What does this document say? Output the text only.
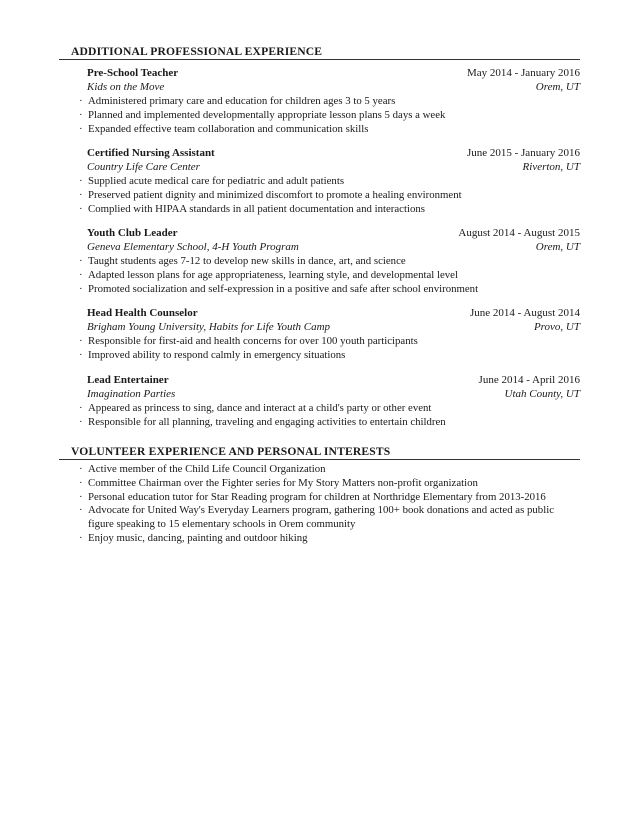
ADDITIONAL PROFESSIONAL EXPERIENCE
Pre-School Teacher	May 2014 - January 2016
Kids on the Move	Orem, UT
· Administered primary care and education for children ages 3 to 5 years
· Planned and implemented developmentally appropriate lesson plans 5 days a week
· Expanded effective team collaboration and communication skills
Certified Nursing Assistant	June 2015 - January 2016
Country Life Care Center	Riverton, UT
· Supplied acute medical care for pediatric and adult patients
· Preserved patient dignity and minimized discomfort to promote a healing environment
· Complied with HIPAA standards in all patient documentation and interactions
Youth Club Leader	August 2014 - August 2015
Geneva Elementary School, 4-H Youth Program	Orem, UT
· Taught students ages 7-12 to develop new skills in dance, art, and science
· Adapted lesson plans for age appropriateness, learning style, and developmental level
· Promoted socialization and self-expression in a positive and safe after school environment
Head Health Counselor	June 2014 - August 2014
Brigham Young University, Habits for Life Youth Camp	Provo, UT
· Responsible for first-aid and health concerns for over 100 youth participants
· Improved ability to respond calmly in emergency situations
Lead Entertainer	June 2014 - April 2016
Imagination Parties	Utah County, UT
· Appeared as princess to sing, dance and interact at a child's party or other event
· Responsible for all planning, traveling and engaging activities to entertain children
VOLUNTEER EXPERIENCE AND PERSONAL INTERESTS
· Active member of the Child Life Council Organization
· Committee Chairman over the Fighter series for My Story Matters non-profit organization
· Personal education tutor for Star Reading program for children at Northridge Elementary from 2013-2016
· Advocate for United Way's Everyday Learners program, gathering 100+ book donations and acted as public figure speaking to 15 elementary schools in Orem community
· Enjoy music, dancing, painting and outdoor hiking
